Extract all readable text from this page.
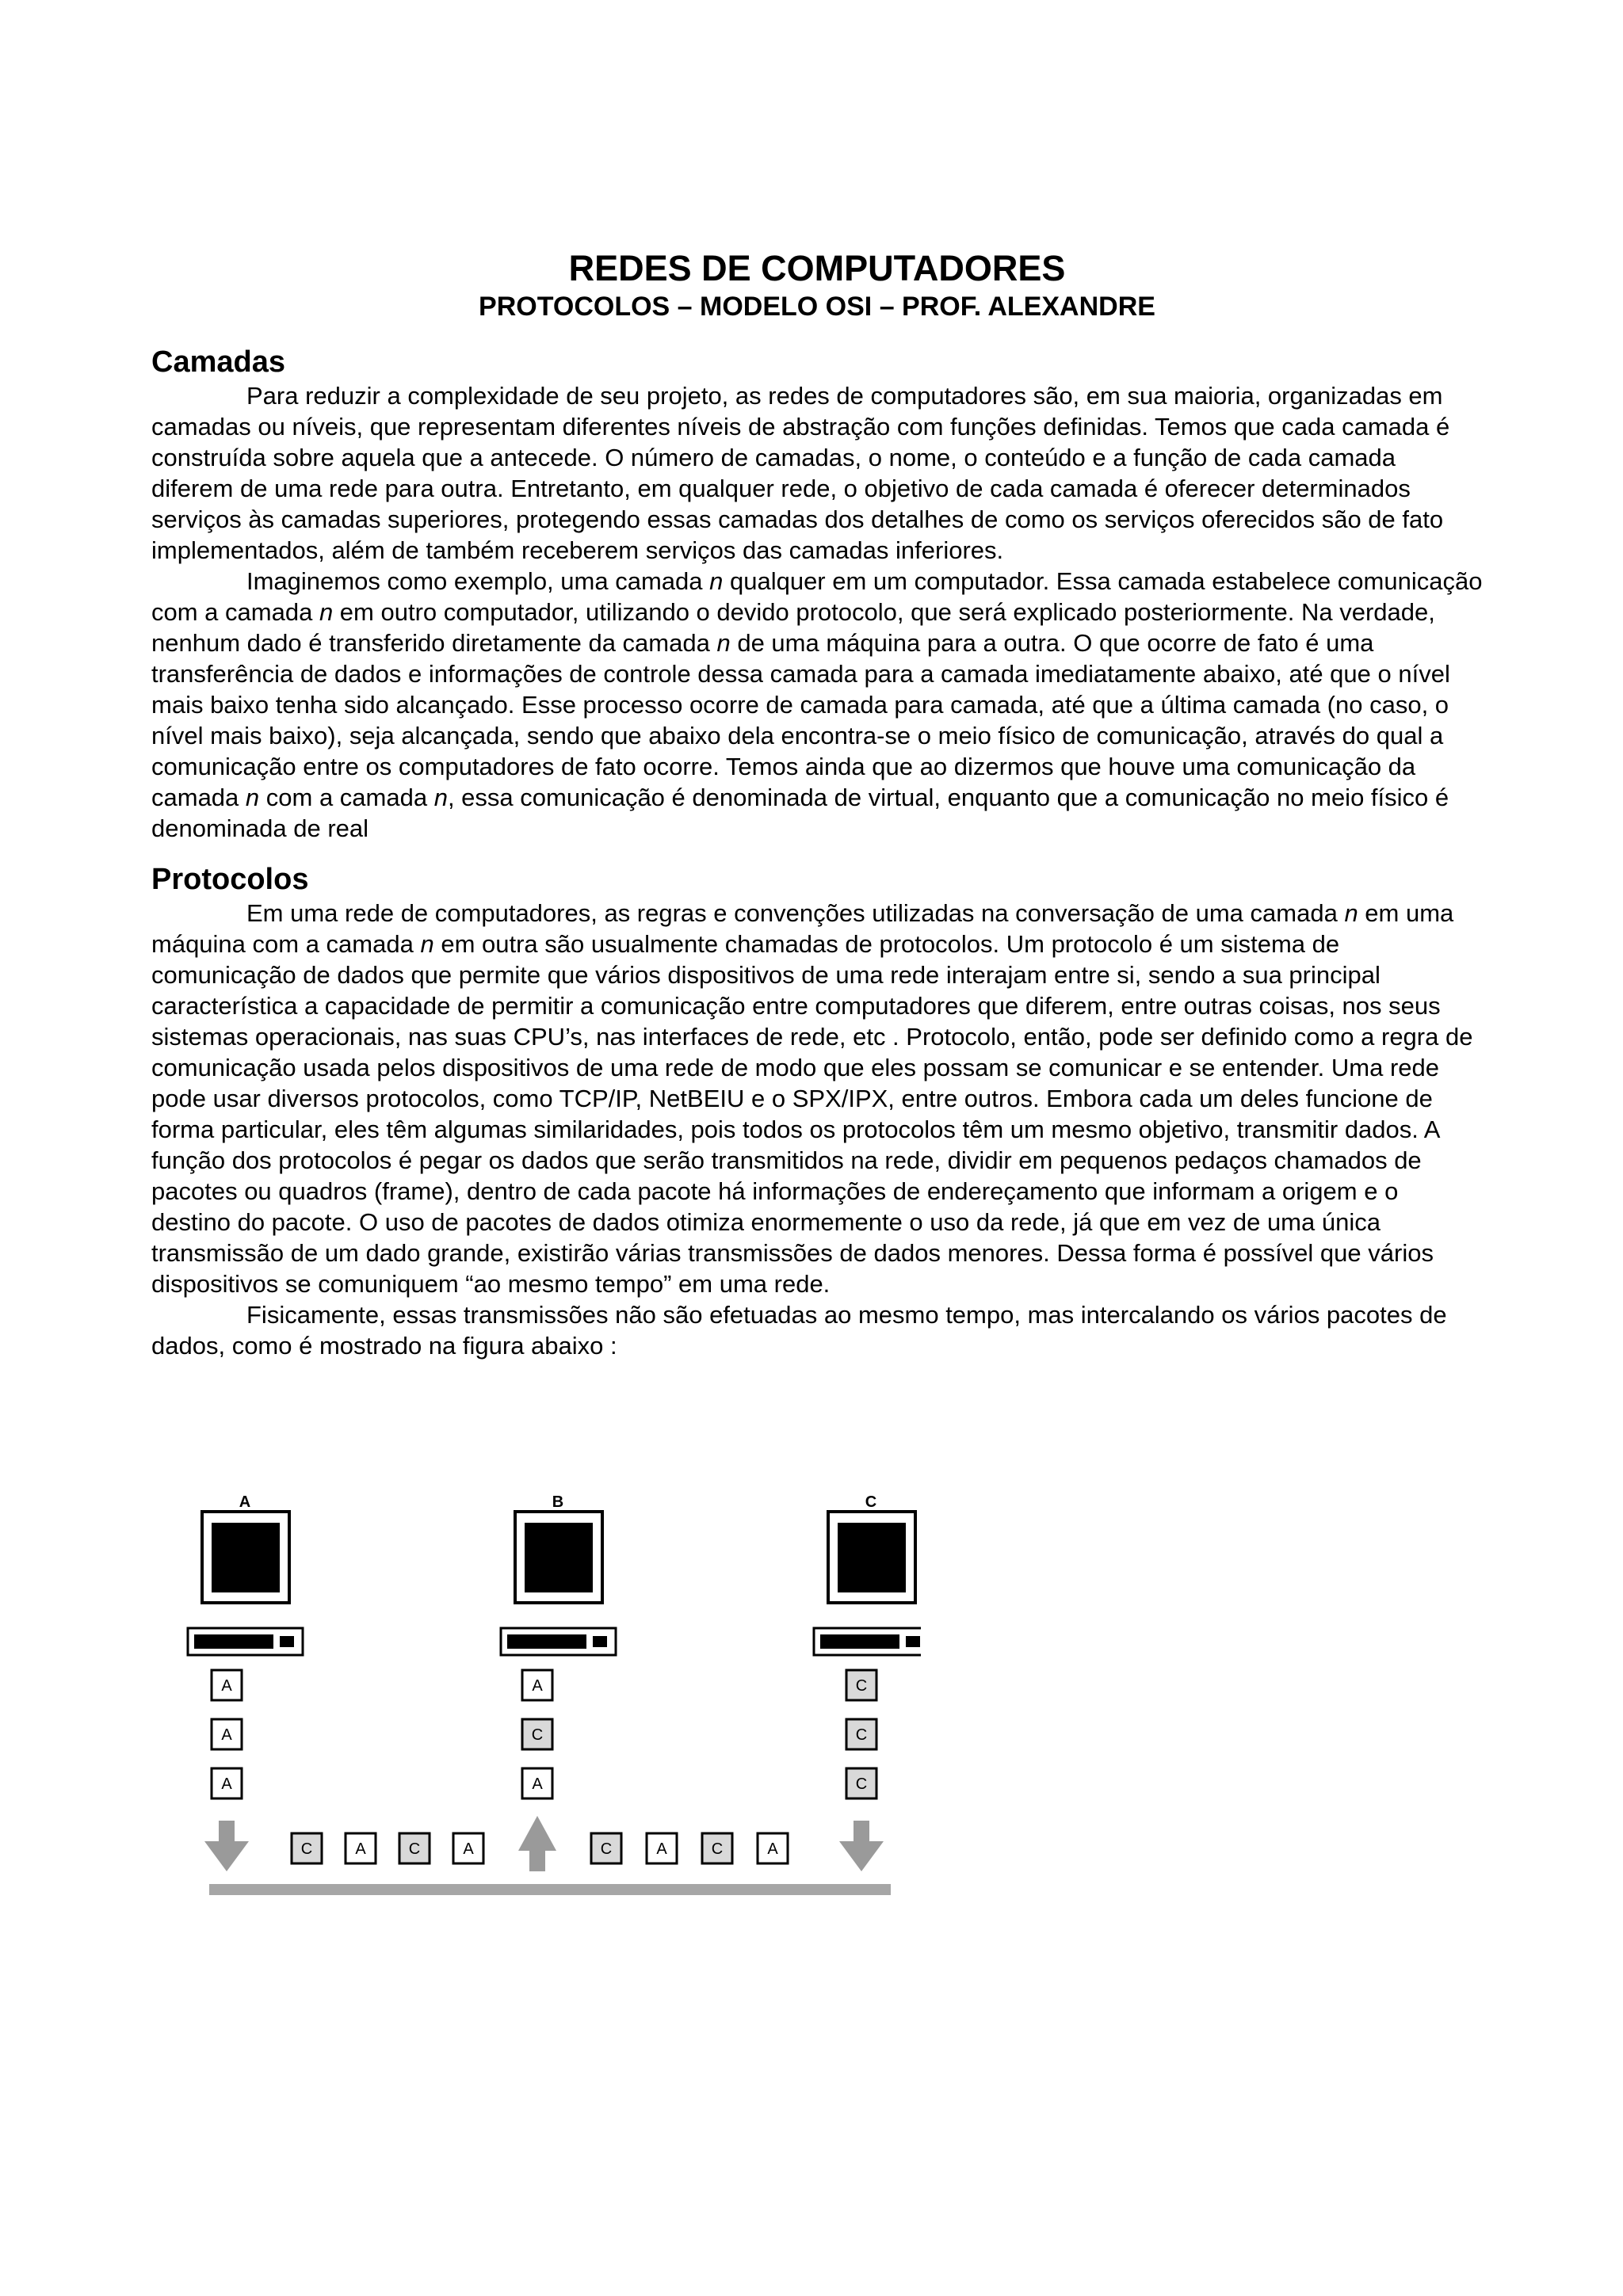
REDES DE COMPUTADORES
PROTOCOLOS – MODELO OSI – PROF. ALEXANDRE
Camadas

Para reduzir a complexidade de seu projeto, as redes de computadores são, em sua maioria, organizadas em camadas ou níveis, que representam diferentes níveis de abstração com funções definidas. Temos que cada camada é construída sobre aquela que a antecede. O número de camadas, o nome, o conteúdo e a função de cada camada diferem de uma rede para outra. Entretanto, em qualquer rede, o objetivo de cada camada é oferecer determinados serviços às camadas superiores, protegendo essas camadas dos detalhes de como os serviços oferecidos são de fato implementados, além de também receberem serviços das camadas inferiores.

Imaginemos como exemplo, uma camada n qualquer em um computador. Essa camada estabelece comunicação com a camada n em outro computador, utilizando o devido protocolo, que será explicado posteriormente. Na verdade, nenhum dado é transferido diretamente da camada n de uma máquina para a outra. O que ocorre de fato é uma transferência de dados e informações de controle dessa camada para a camada imediatamente abaixo, até que o nível mais baixo tenha sido alcançado. Esse processo ocorre de camada para camada, até que a última camada (no caso, o nível mais baixo), seja alcançada, sendo que abaixo dela encontra-se o meio físico de comunicação, através do qual a comunicação entre os computadores de fato ocorre. Temos ainda que ao dizermos que houve uma comunicação da camada n com a camada n, essa comunicação é denominada de virtual, enquanto que a comunicação no meio físico é denominada de real

Protocolos

Em uma rede de computadores, as regras e convenções utilizadas na conversação de uma camada n em uma máquina com a camada n em outra são usualmente chamadas de protocolos. Um protocolo é um sistema de comunicação de dados que permite que vários dispositivos de uma rede interajam entre si, sendo a sua principal característica a capacidade de permitir a comunicação entre computadores que diferem, entre outras coisas, nos seus sistemas operacionais, nas suas CPU’s, nas interfaces de rede, etc . Protocolo, então, pode ser definido como a regra de comunicação usada pelos dispositivos de uma rede de modo que eles possam se comunicar e se entender. Uma rede pode usar diversos protocolos, como TCP/IP, NetBEIU e o SPX/IPX, entre outros. Embora cada um deles funcione de forma particular, eles têm algumas similaridades, pois todos os protocolos têm um mesmo objetivo, transmitir dados. A função dos protocolos é pegar os dados que serão transmitidos na rede, dividir em pequenos pedaços chamados de pacotes ou quadros (frame), dentro de cada pacote há informações de endereçamento que informam a origem e o destino do pacote. O uso de pacotes de dados otimiza enormemente o uso da rede, já que em vez de uma única transmissão de um dado grande, existirão várias transmissões de dados menores. Dessa forma é possível que vários dispositivos se comuniquem “ao mesmo tempo” em uma rede.

Fisicamente, essas transmissões não são efetuadas ao mesmo tempo, mas intercalando os vários pacotes de dados, como é mostrado na figura abaixo :

A	B	C
A
A
A
A
C
A
C
C
C
C	A	C	A	C	A	C	A
